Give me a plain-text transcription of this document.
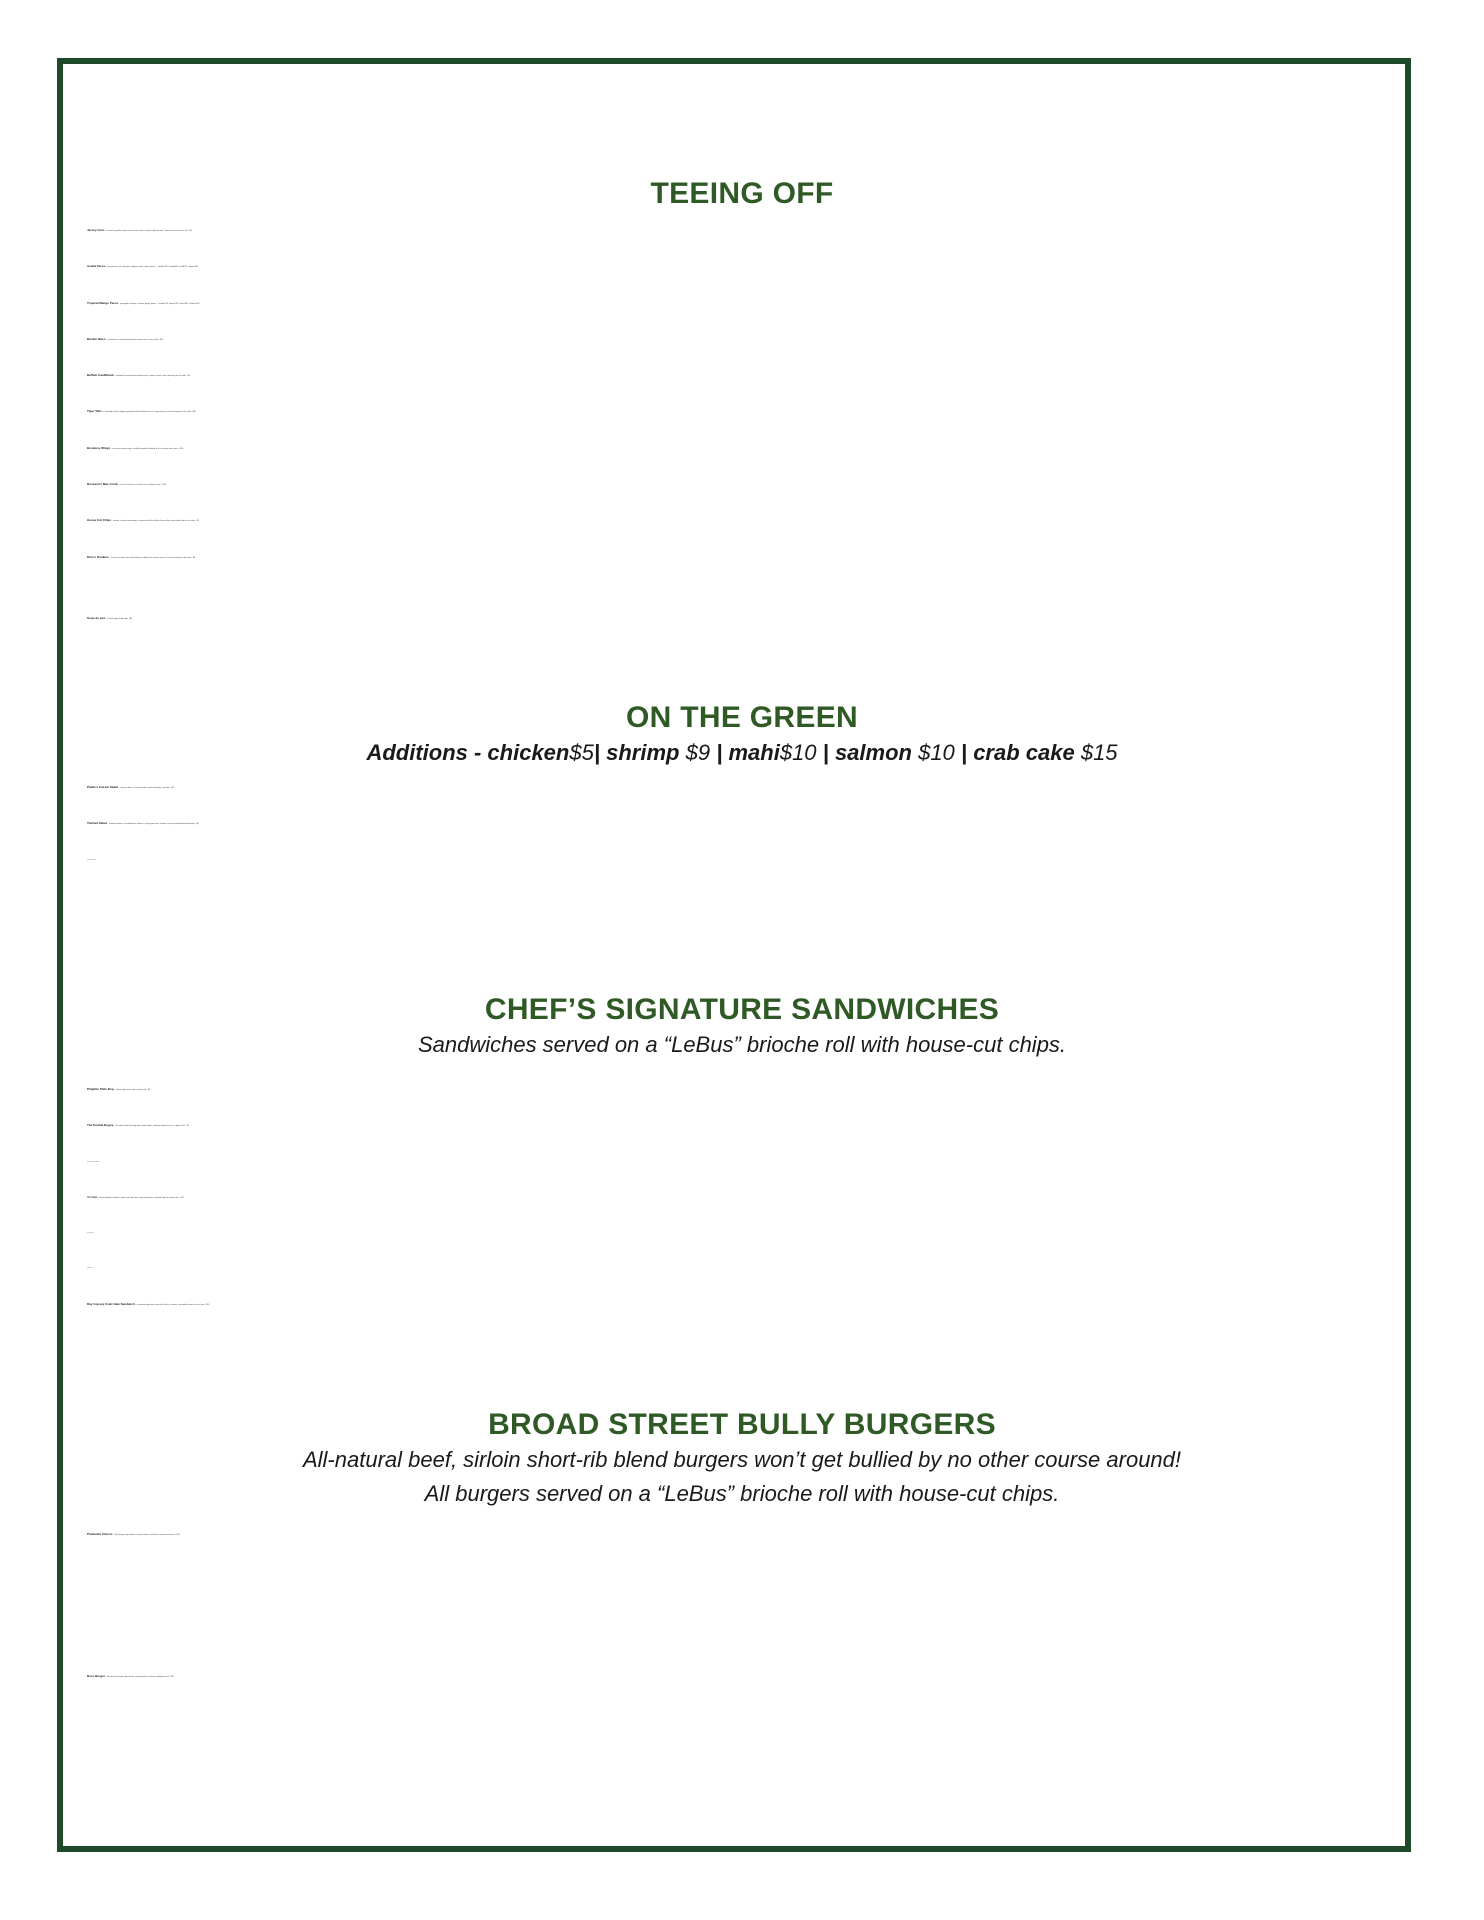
TEEING OFF
Jersey Corn – charred, paprika, cojita cheese, fresh lime, roasted chipotle aioli – (served on the cob or off)…$4
Asada Tacos - guacamole, pico de gallo, jalapeno aioli, cojita cheese …chicken $9, shrimp$12, mahi$12, salmon $12
Tropical Mango Tacos - pineapple chutney, sesame ginger glaze… chicken $9, shrimp $12, mahi $12, salmon $12
Bunker Bites – seared tuna served with wasabi cream sauce on the side…$12
Buffalo Cauliflower - breaded & tossed with buffalo sauce, cojita cheese, ranch dressing on the side…$9
Tiger Tails – breaded chicken fingers garnished with buffalo sauce & cojita cheese, ranch dressing on the side…$10
Boneless Wings – no more messy bones, freshly breaded & tossed in a hot honey thai sauce…$10
Roseann’s Mac Crock – mac & cheese in a small crock ready to share…$10
House Cut Chips – tossed in ranch seasoning, served with buffalo blue cheese dip & guacamole dip on the side…$7
Dino’s Dunkers – house cut steak fries with old bay, crabby beer cheese sauce & ranch dressing on the side…$8
Soup du jour – chefs soup of the day…$8
ON THE GREEN
Additions - chicken$5| shrimp $9 | mahi$10 | salmon $10 | crab cake $15
Paulie’s Caesar Salad – romaine lettuce, house-made caesar dressing, croutons…$9
Twisted Salad – romaine lettuce, crumbled blue cheese, crispy prosciutto, tomato, zesty thousand island dressing…$9
Tip’s Jersey Pride
CHEF’S SIGNATURE SANDWICHES
Sandwiches served on a “LeBus” brioche roll with house-cut chips.
Phightin Phils Dog – classic dog served on a potato roll…$6
The Double Bogey – all-natural beef hot dog with roasted pork, coleslaw, bbq sauce on a potato roll…$9
Nick Foles “Philly Special”
Yo Cuz – fresh breaded chicken cutlet, broccoli rabe, sharp provolone, roasted long hot, garlic aioli…$12
In Their Prime –
Paul Revere –
Ray Copsey Crab Cake Sandwich – colossal signature crab cake, lettuce, tomato, remoulade sauce on the side…$16
BROAD STREET BULLY BURGERS
All-natural beef, sirloin short-rib blend burgers won’t get bullied by no other course around!
All burgers served on a “LeBus” brioche roll with house-cut chips.
Pinelands Classic – beef patty, crisp lettuce, Jersey tomato, red onion, american cheese…$12
Boss Burger – black bean burger; guacamole, pico de gallo, red onion, jalapeño aioli…$12
